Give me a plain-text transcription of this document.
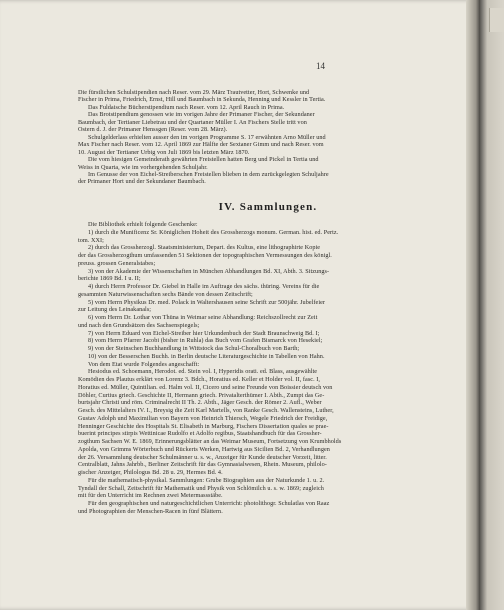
14
Die fürstlichen Schulstipendien nach Reser. vom 29. März Trautvetter, Hort, Schwenke und
Fischer in Prima, Friedrich, Ernst, Hill und Baumbach in Sekunda, Henning und Kessler in Tertia.
Das Fuldaische Bücherstipendium nach Reser. vom 12. April Rauch in Prima.
Das Brotstipendium genossen wie im vorigen Jahre der Primaner Fischer, der Sekundaner
Baumbach, der Tertianer Liebetrau und der Quartaner Müller I. An Fischers Stelle tritt von
Ostern d. J. der Primaner Henssgen (Reser. vom 28. März).
Schulgelderlass erhielten ausser den im vorigen Programme S. 17 erwähnten Arno Müller und
Max Fischer nach Reser. vom 12. April 1869 zur Hälfte der Sextaner Gimm und nach Reser. vom
10. August der Tertianer Urbig von Juli 1869 bis letzten März 1870.
Die vom hiesigen Gemeinderath gewährten Freistellen hatten Berg und Pickel in Tertia und
Weiss in Quarta, wie im vorhergehenden Schuljahr.
Im Genusse der von Eichel-Streiberschen Freistellen blieben in dem zurückgelegten Schuljahre
der Primaner Hort und der Sekundaner Baumbach.
IV. Sammlungen.
Die Bibliothek erhielt folgende Geschenke:
1) durch die Munificenz Sr. Königlichen Hoheit des Grossherzogs monum. German. hist. ed. Pertz.
tom. XXI;
2) durch das Grossherzogl. Staatsministerium, Depart. des Kultus, eine lithographirte Kopie
der das Grossherzogthum umfassenden 51 Sektionen der topographischen Vermessungen des königl.
preuss. grossen Generalstabes;
3) von der Akademie der Wissenschaften in München Abhandlungen Bd. XI, Abth. 3. Sitzungs-
berichte 1869 Bd. I u. II;
4) durch Herrn Professor Dr. Giebel in Halle im Auftrage des sächs. thüring. Vereins für die
gesammten Naturwissenschaften sechs Bände von dessen Zeitschrift;
5) vom Herrn Physikus Dr. med. Polack in Waltershausen seine Schrift zur 500jähr. Jubelfeier
zur Leitung des Leinakanals;
6) vom Herrn Dr. Lothar von Thüna in Weimar seine Abhandlung: Reichszollrecht zur Zeit
und nach den Grundsätzen des Sachsenspiegels;
7) von Herrn Eduard von Eichel-Streiber hier Urkundenbuch der Stadt Braunschweig Bd. I;
8) vom Herrn Pfarrer Jacobi (bisher in Ruhla) das Buch vom Grafen Bismarck von Hesekiel;
9) von der Steinschen Buchhandlung in Wittstock das Schul-Choralbuch von Barth;
10) von der Besserschen Buchh. in Berlin deutsche Literaturgeschichte in Tabellen von Hahn.
Von dem Etat wurde Folgendes angeschafft:
Hesiodus ed. Schoemann, Herodot. ed. Stein vol. I, Hyperidis orati. ed. Blass, ausgewählte
Komödien des Plautus erklärt von Lorenz 3. Bdch., Horatius ed. Keller et Holder vol. II, fasc. I,
Horatius ed. Müller, Quintilian. ed. Halm vol. II, Cicero und seine Freunde von Boissier deutsch von
Döhler, Curtius griech. Geschichte II, Hermann griech. Privatalterthümer I. Abth., Zumpt das Ge-
burtsjahr Christi und röm. Criminalrecht II Th. 2. Abth., Jäger Gesch. der Römer 2. Aufl., Weber
Gesch. des Mittelalters IV. I., Breysig die Zeit Karl Martells, von Ranke Gesch. Wallensteins, Luther,
Gustav Adolph und Maximilian von Bayern von Heinrich Thiersch, Wegele Friedrich der Freidige,
Henninger Geschichte des Hospitals St. Elisabeth in Marburg, Fischers Dissertation quales se prae-
buerint principes stirpis Wettinicae Rudolfo et Adolfo regibus, Staatshandbuch für das Grossher-
zogthum Sachsen W. E. 1869, Erinnerungsblätter an das Weimar Museum, Fortsetzung von Krumbholds
Apolda, von Grimms Wörterbuch und Rückerts Werken, Hartwig aus Sicilien Bd. 2, Verhandlungen
der 26. Versammlung deutscher Schulmänner u. s. w., Anzeiger für Kunde deutscher Vorzeit, litter.
Centralblatt, Jahns Jahrbb., Berliner Zeitschrift für das Gymnasialwesen, Rhein. Museum, philolo-
gischer Anzeiger, Philologus Bd. 28 u. 29, Hermes Bd. 4.
Für die mathematisch-physikal. Sammlungen: Grube Biographien aus der Naturkunde 1. u. 2.
Tyndall der Schall, Zeitschrift für Mathematik und Physik von Schlömilch u. s. w. 1869; zugleich
mit für den Unterricht im Rechnen zwei Metermassstäbe.
Für den geographischen und naturgeschichtlichen Unterricht: photolithogr. Schulatlas von Raaz
und Photographien der Menschen-Racen in fünf Blättern.
